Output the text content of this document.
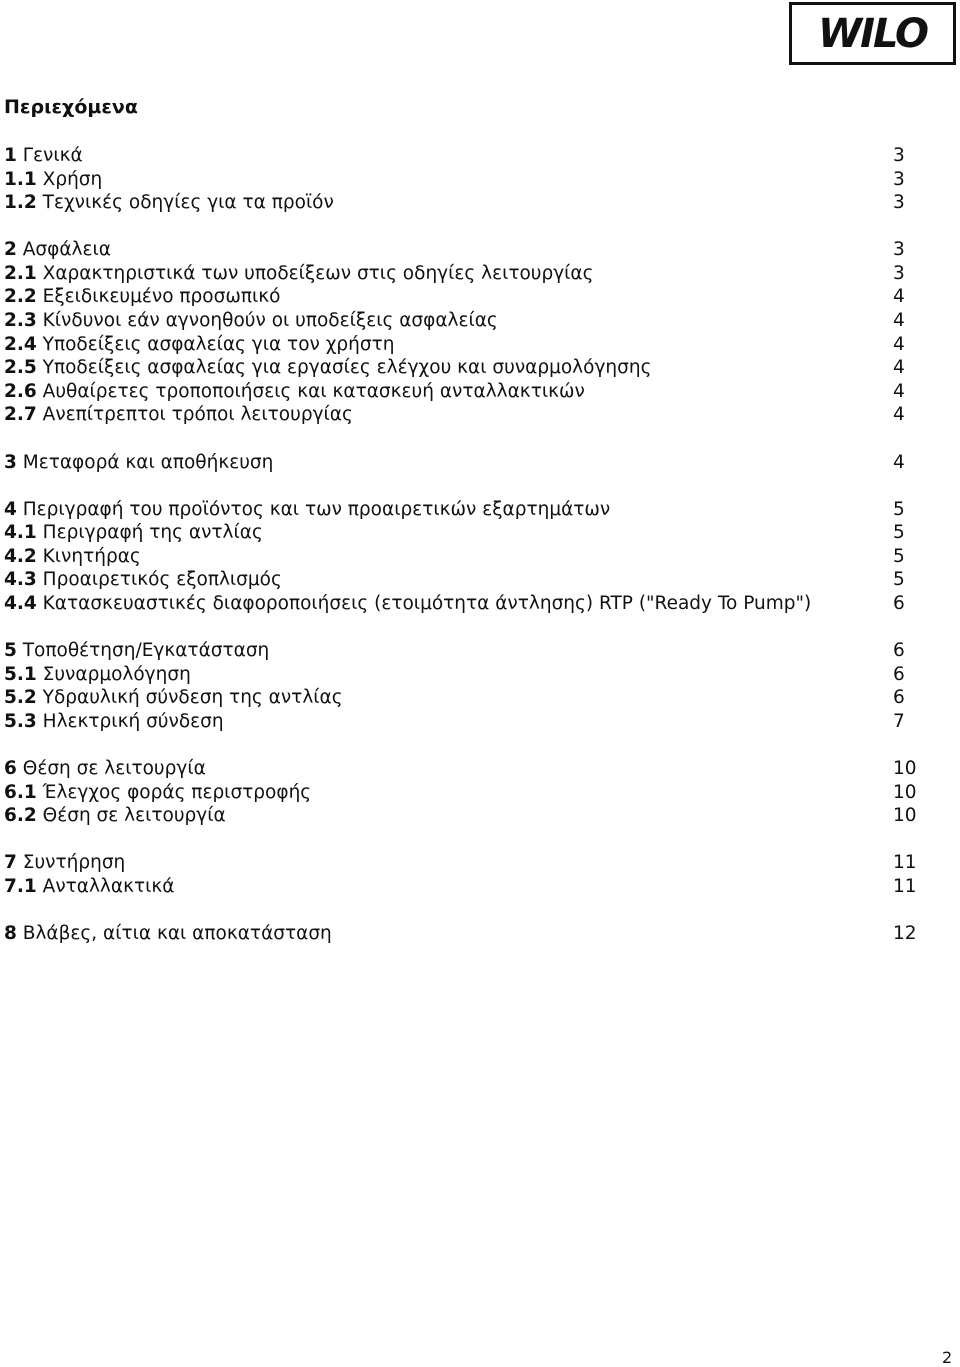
WILO
Περιεχόμενα
1 Γενικά	3
1.1 Χρήση	3
1.2 Τεχνικές οδηγίες για τα προϊόν	3
2 Ασφάλεια	3
2.1 Χαρακτηριστικά των υποδείξεων στις οδηγίες λειτουργίας	3
2.2 Εξειδικευμένο προσωπικό	4
2.3 Κίνδυνοι εάν αγνοηθούν οι υποδείξεις ασφαλείας	4
2.4 Υποδείξεις ασφαλείας για τον χρήστη	4
2.5 Υποδείξεις ασφαλείας για εργασίες ελέγχου και συναρμολόγησης	4
2.6 Αυθαίρετες τροποποιήσεις και κατασκευή ανταλλακτικών	4
2.7 Ανεπίτρεπτοι τρόποι λειτουργίας	4
3 Μεταφορά και αποθήκευση	4
4 Περιγραφή του προϊόντος και των προαιρετικών εξαρτημάτων	5
4.1 Περιγραφή της αντλίας	5
4.2 Κινητήρας	5
4.3 Προαιρετικός εξοπλισμός	5
4.4 Κατασκευαστικές διαφοροποιήσεις (ετοιμότητα άντλησης) RTP ("Ready To Pump")	6
5 Τοποθέτηση/Εγκατάσταση	6
5.1 Συναρμολόγηση	6
5.2 Υδραυλική σύνδεση της αντλίας	6
5.3 Ηλεκτρική σύνδεση	7
6 Θέση σε λειτουργία	10
6.1 Έλεγχος φοράς περιστροφής	10
6.2 Θέση σε λειτουργία	10
7 Συντήρηση	11
7.1 Ανταλλακτικά	11
8 Βλάβες, αίτια και αποκατάσταση	12
2
